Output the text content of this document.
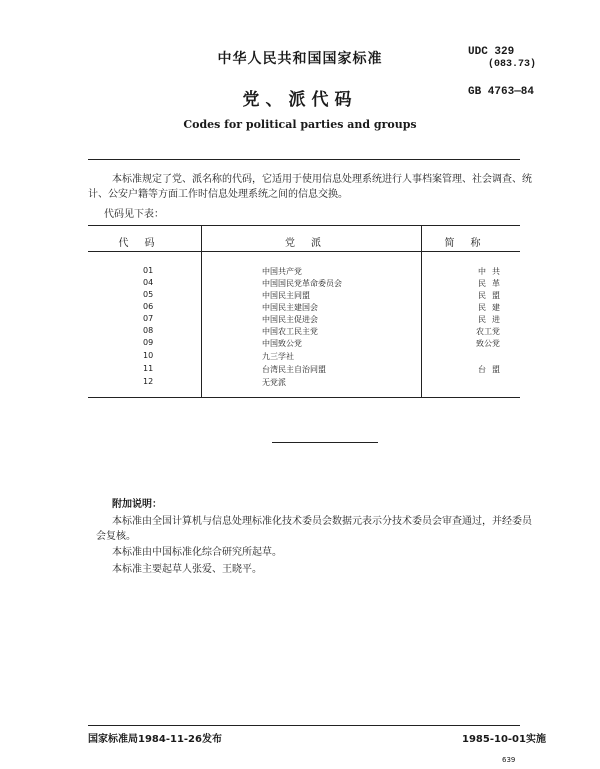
中华人民共和国国家标准	UDC 329
(083.73)
党、派代码	GB 4763—84
Codes for political parties and groups
本标准规定了党、派名称的代码，它适用于使用信息处理系统进行人事档案管理、社会调查、统
计、公安户籍等方面工作时信息处理系统之间的信息交换。
代码见下表：
代码	党派	简称
01	中国共产党	中共
04	中国国民党革命委员会	民革
05	中国民主同盟	民盟
06	中国民主建国会	民建
07	中国民主促进会	民进
08	中国农工民主党	农工党
09	中国致公党	致公党
10	九三学社
11	台湾民主自治同盟	台盟
12	无党派
附加说明：
本标准由全国计算机与信息处理标准化技术委员会数据元表示分技术委员会审查通过，并经委员
会复核。
本标准由中国标准化综合研究所起草。
本标准主要起草人张爱、王晓平。
国家标准局1984-11-26发布	1985-10-01实施
639
